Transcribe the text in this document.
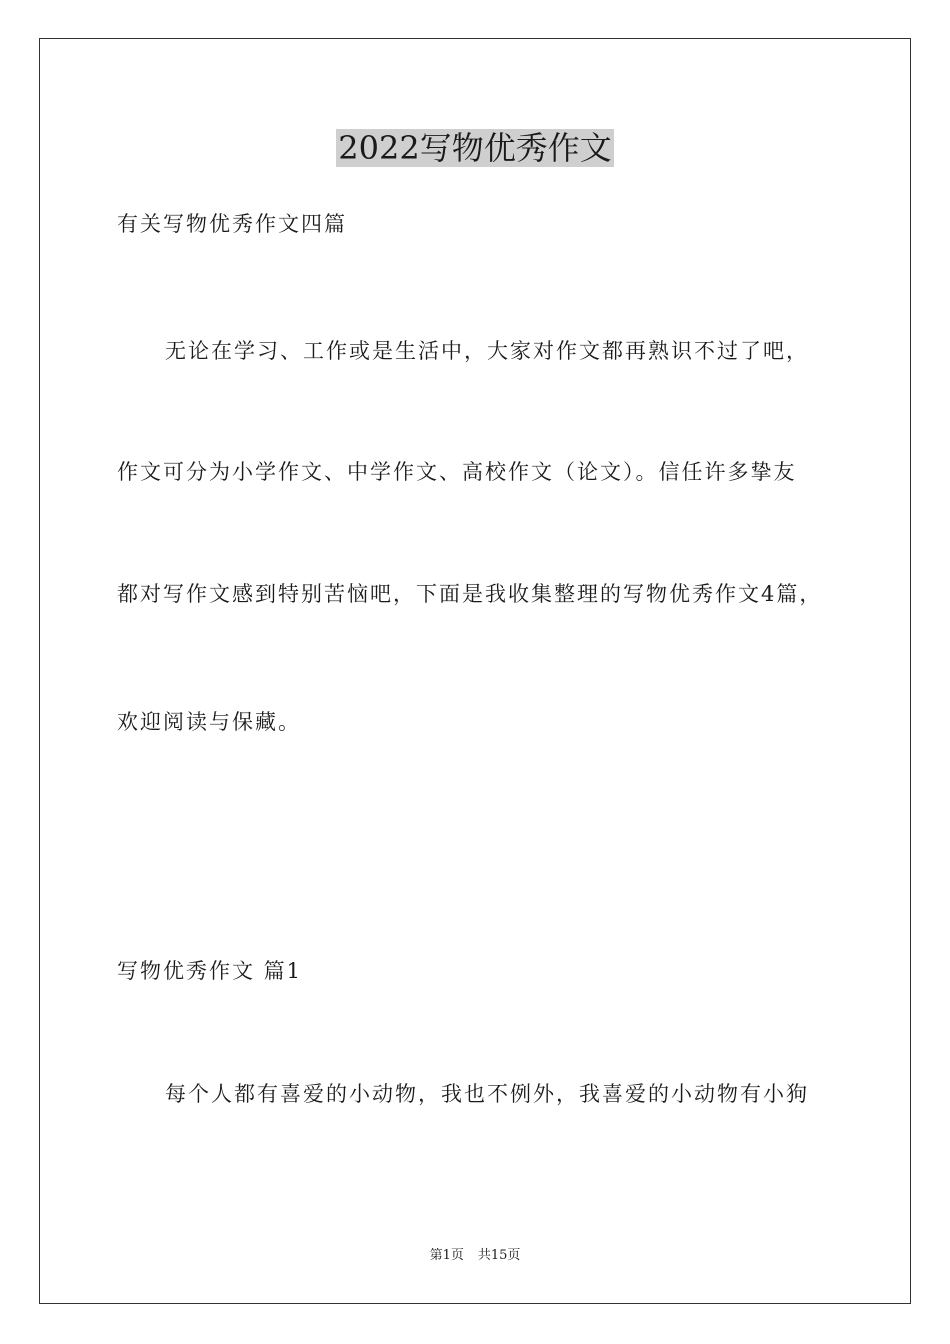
2022写物优秀作文

有关写物优秀作文四篇

无论在学习、工作或是生活中，大家对作文都再熟识不过了吧，

作文可分为小学作文、中学作文、高校作文（论文）。信任许多挚友

都对写作文感到特别苦恼吧，下面是我收集整理的写物优秀作文4篇，

欢迎阅读与保藏。

写物优秀作文 篇1

每个人都有喜爱的小动物，我也不例外，我喜爱的小动物有小狗

第1页 共15页
